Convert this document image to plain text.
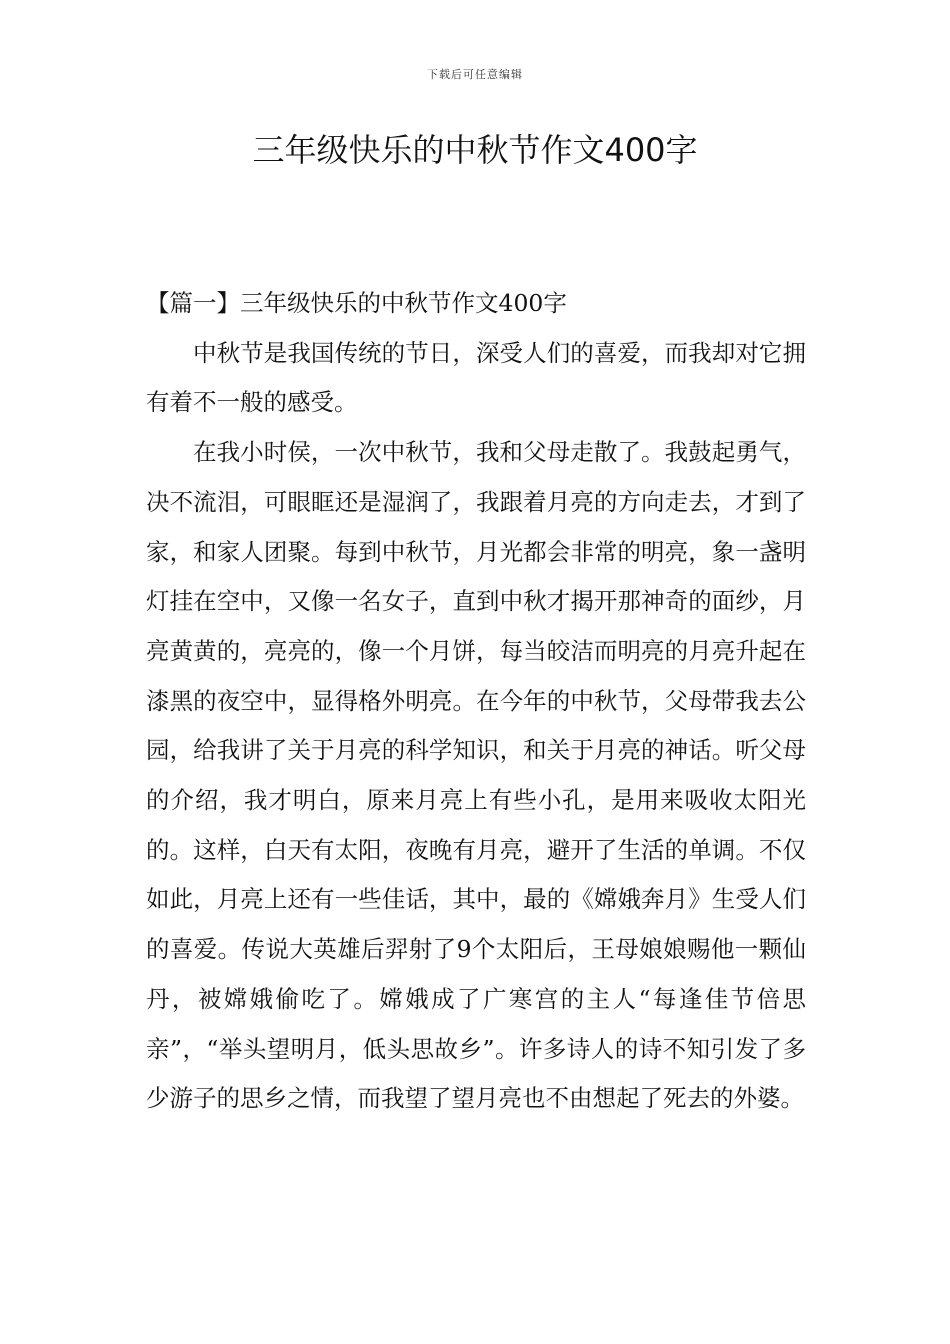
下载后可任意编辑
三年级快乐的中秋节作文400字

【篇一】三年级快乐的中秋节作文400字

中秋节是我国传统的节日，深受人们的喜爱，而我却对它拥有着不一般的感受。

在我小时侯，一次中秋节，我和父母走散了。我鼓起勇气，决不流泪，可眼眶还是湿润了，我跟着月亮的方向走去，才到了家，和家人团聚。每到中秋节，月光都会非常的明亮，象一盏明灯挂在空中，又像一名女子，直到中秋才揭开那神奇的面纱，月亮黄黄的，亮亮的，像一个月饼，每当皎洁而明亮的月亮升起在漆黑的夜空中，显得格外明亮。在今年的中秋节，父母带我去公园，给我讲了关于月亮的科学知识，和关于月亮的神话。听父母的介绍，我才明白，原来月亮上有些小孔，是用来吸收太阳光的。这样，白天有太阳，夜晚有月亮，避开了生活的单调。不仅如此，月亮上还有一些佳话，其中，最的《嫦娥奔月》生受人们的喜爱。传说大英雄后羿射了9个太阳后，王母娘娘赐他一颗仙丹，被嫦娥偷吃了。嫦娥成了广寒宫的主人“每逢佳节倍思亲”，“举头望明月，低头思故乡”。许多诗人的诗不知引发了多少游子的思乡之情，而我望了望月亮也不由想起了死去的外婆。
